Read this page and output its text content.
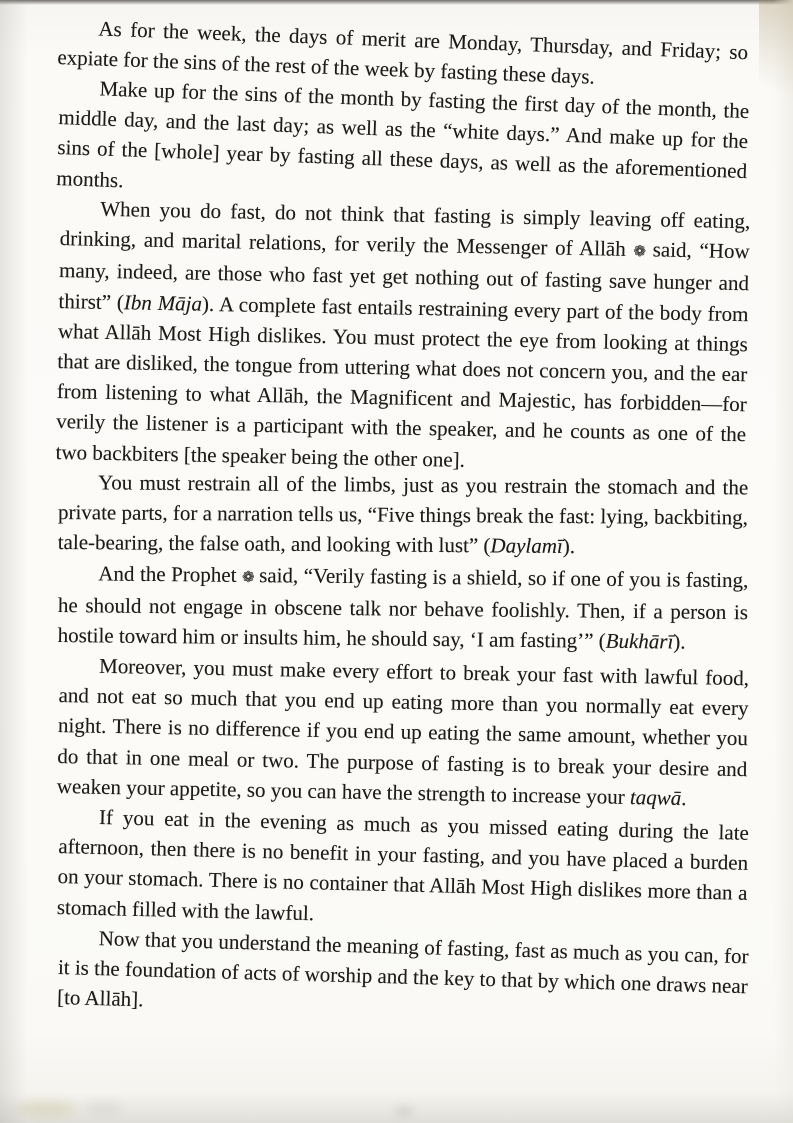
As for the week, the days of merit are Monday, Thursday, and Friday; so expiate for the sins of the rest of the week by fasting these days.

Make up for the sins of the month by fasting the first day of the month, the middle day, and the last day; as well as the “white days.” And make up for the sins of the [whole] year by fasting all these days, as well as the aforementioned months.

When you do fast, do not think that fasting is simply leaving off eating, drinking, and marital relations, for verily the Messenger of Allāh ❁ said, “How many, indeed, are those who fast yet get nothing out of fasting save hunger and thirst” (Ibn Māja). A complete fast entails restraining every part of the body from what Allāh Most High dislikes. You must protect the eye from looking at things that are disliked, the tongue from uttering what does not concern you, and the ear from listening to what Allāh, the Magnificent and Majestic, has forbidden—for verily the listener is a participant with the speaker, and he counts as one of the two backbiters [the speaker being the other one].

You must restrain all of the limbs, just as you restrain the stomach and the private parts, for a narration tells us, “Five things break the fast: lying, backbiting, tale-bearing, the false oath, and looking with lust” (Daylamī).

And the Prophet ❁ said, “Verily fasting is a shield, so if one of you is fasting, he should not engage in obscene talk nor behave foolishly. Then, if a person is hostile toward him or insults him, he should say, ‘I am fasting’” (Bukhārī).

Moreover, you must make every effort to break your fast with lawful food, and not eat so much that you end up eating more than you normally eat every night. There is no difference if you end up eating the same amount, whether you do that in one meal or two. The purpose of fasting is to break your desire and weaken your appetite, so you can have the strength to increase your taqwā.

If you eat in the evening as much as you missed eating during the late afternoon, then there is no benefit in your fasting, and you have placed a burden on your stomach. There is no container that Allāh Most High dislikes more than a stomach filled with the lawful.

Now that you understand the meaning of fasting, fast as much as you can, for it is the foundation of acts of worship and the key to that by which one draws near [to Allāh].
